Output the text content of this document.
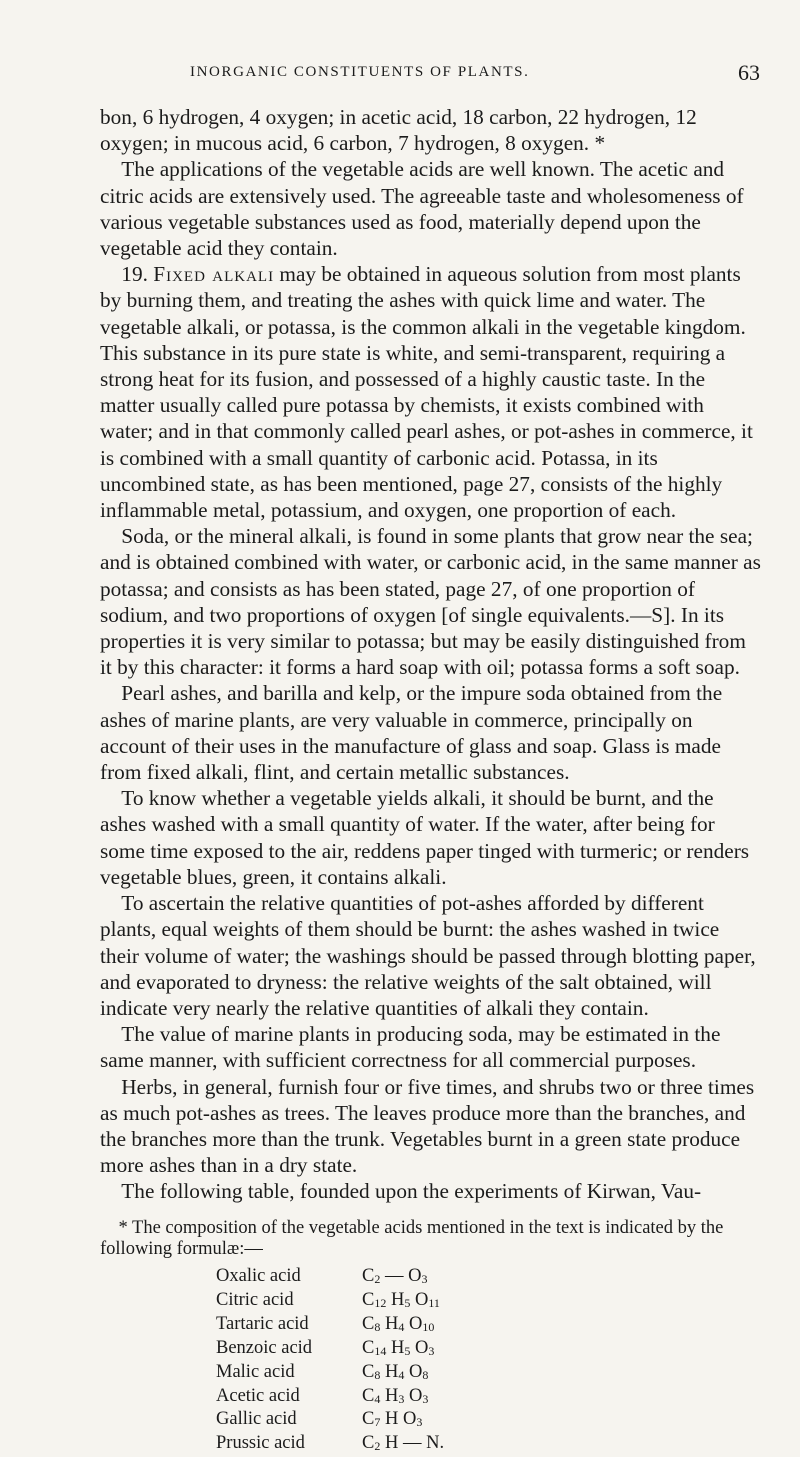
INORGANIC CONSTITUENTS OF PLANTS.	63

bon, 6 hydrogen, 4 oxygen; in acetic acid, 18 carbon, 22 hydrogen, 12 oxygen; in mucous acid, 6 carbon, 7 hydrogen, 8 oxygen. *

 The applications of the vegetable acids are well known. The acetic and citric acids are extensively used. The agreeable taste and wholesomeness of various vegetable substances used as food, materially depend upon the vegetable acid they contain.

 19. Fixed alkali may be obtained in aqueous solution from most plants by burning them, and treating the ashes with quick lime and water. The vegetable alkali, or potassa, is the common alkali in the vegetable kingdom. This substance in its pure state is white, and semi-transparent, requiring a strong heat for its fusion, and possessed of a highly caustic taste. In the matter usually called pure potassa by chemists, it exists combined with water; and in that commonly called pearl ashes, or pot-ashes in commerce, it is combined with a small quantity of carbonic acid. Potassa, in its uncombined state, as has been mentioned, page 27, consists of the highly inflammable metal, potassium, and oxygen, one proportion of each.

 Soda, or the mineral alkali, is found in some plants that grow near the sea; and is obtained combined with water, or carbonic acid, in the same manner as potassa; and consists as has been stated, page 27, of one proportion of sodium, and two proportions of oxygen [of single equivalents.—S]. In its properties it is very similar to potassa; but may be easily distinguished from it by this character: it forms a hard soap with oil; potassa forms a soft soap.

 Pearl ashes, and barilla and kelp, or the impure soda obtained from the ashes of marine plants, are very valuable in commerce, principally on account of their uses in the manufacture of glass and soap. Glass is made from fixed alkali, flint, and certain metallic substances.

 To know whether a vegetable yields alkali, it should be burnt, and the ashes washed with a small quantity of water. If the water, after being for some time exposed to the air, reddens paper tinged with turmeric; or renders vegetable blues, green, it contains alkali.

 To ascertain the relative quantities of pot-ashes afforded by different plants, equal weights of them should be burnt: the ashes washed in twice their volume of water; the washings should be passed through blotting paper, and evaporated to dryness: the relative weights of the salt obtained, will indicate very nearly the relative quantities of alkali they contain.

 The value of marine plants in producing soda, may be estimated in the same manner, with sufficient correctness for all commercial purposes.

 Herbs, in general, furnish four or five times, and shrubs two or three times as much pot-ashes as trees. The leaves produce more than the branches, and the branches more than the trunk. Vegetables burnt in a green state produce more ashes than in a dry state.

 The following table, founded upon the experiments of Kirwan, Vau-

 * The composition of the vegetable acids mentioned in the text is indicated by the following formulæ:—

Oxalic acid	C2 — O3
Citric acid	C12 H5 O11
Tartaric acid	C8 H4 O10
Benzoic acid	C14 H5 O3
Malic acid	C8 H4 O8
Acetic acid	C4 H3 O3
Gallic acid	C7 H O3
Prussic acid	C2 H — N.
